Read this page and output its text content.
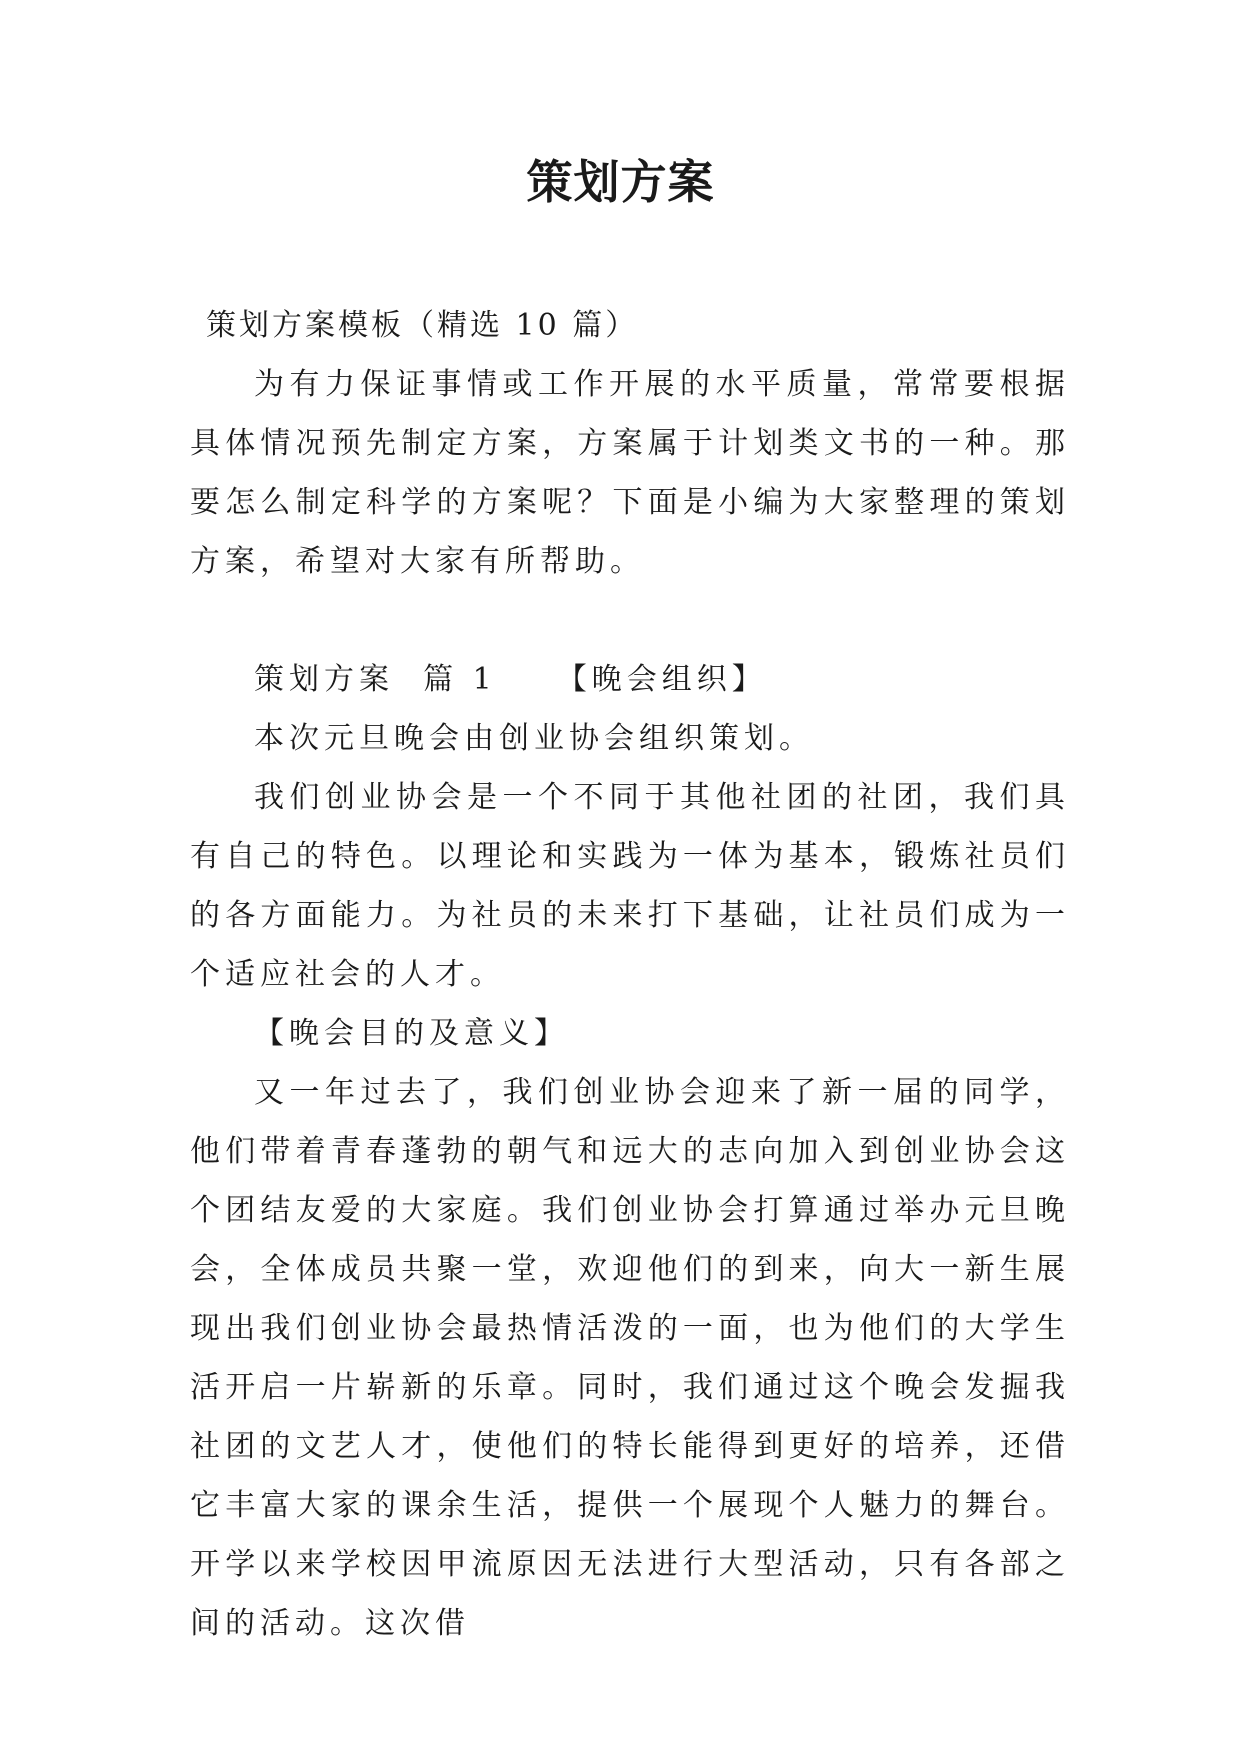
策划方案

策划方案模板（精选 10 篇）

为有力保证事情或工作开展的水平质量，常常要根据具体情况预先制定方案，方案属于计划类文书的一种。那要怎么制定科学的方案呢？下面是小编为大家整理的策划方案，希望对大家有所帮助。

策划方案  篇 1 【晚会组织】

本次元旦晚会由创业协会组织策划。

我们创业协会是一个不同于其他社团的社团，我们具有自己的特色。以理论和实践为一体为基本，锻炼社员们的各方面能力。为社员的未来打下基础，让社员们成为一个适应社会的人才。

【晚会目的及意义】

又一年过去了，我们创业协会迎来了新一届的同学，他们带着青春蓬勃的朝气和远大的志向加入到创业协会这个团结友爱的大家庭。我们创业协会打算通过举办元旦晚会，全体成员共聚一堂，欢迎他们的到来，向大一新生展现出我们创业协会最热情活泼的一面，也为他们的大学生活开启一片崭新的乐章。同时，我们通过这个晚会发掘我社团的文艺人才，使他们的特长能得到更好的培养，还借它丰富大家的课余生活，提供一个展现个人魅力的舞台。开学以来学校因甲流原因无法进行大型活动，只有各部之间的活动。这次借
